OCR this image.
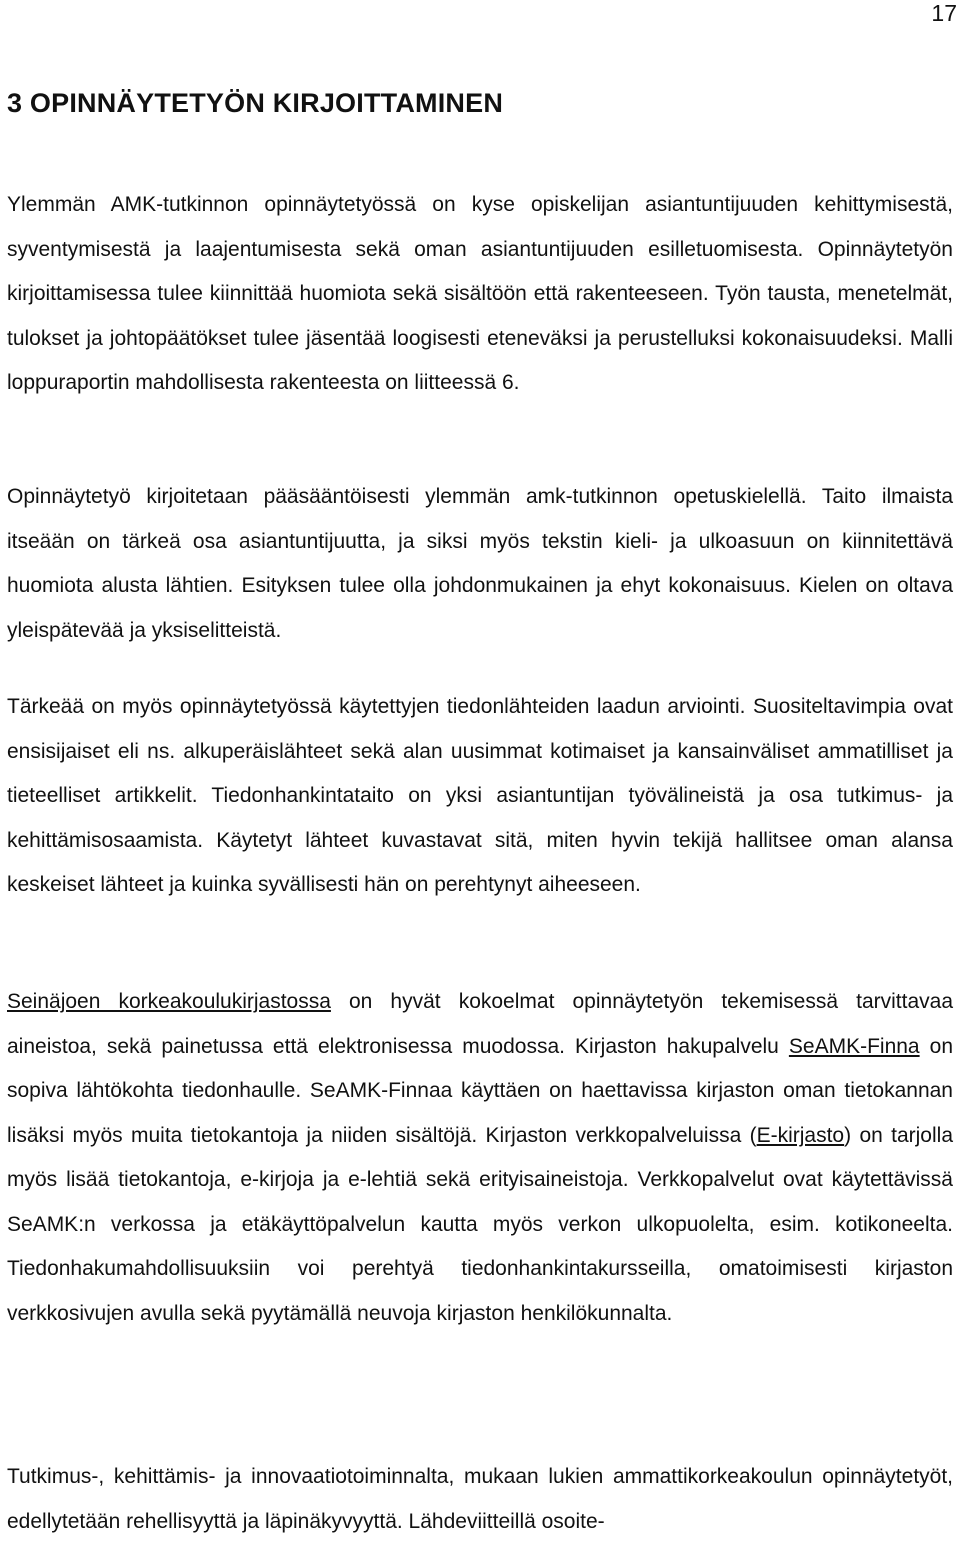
17
3 OPINNÄYTETYÖN KIRJOITTAMINEN

Ylemmän AMK-tutkinnon opinnäytetyössä on kyse opiskelijan asiantuntijuuden kehittymisestä, syventymisestä ja laajentumisesta sekä oman asiantuntijuuden esilletuomisesta. Opinnäytetyön kirjoittamisessa tulee kiinnittää huomiota sekä sisältöön että rakenteeseen. Työn tausta, menetelmät, tulokset ja johtopäätökset tulee jäsentää loogisesti eteneväksi ja perustelluksi kokonaisuudeksi. Malli loppuraportin mahdollisesta rakenteesta on liitteessä 6.

Opinnäytetyö kirjoitetaan pääsääntöisesti ylemmän amk-tutkinnon opetuskielellä. Taito ilmaista itseään on tärkeä osa asiantuntijuutta, ja siksi myös tekstin kieli- ja ulkoasuun on kiinnitettävä huomiota alusta lähtien. Esityksen tulee olla johdonmukainen ja ehyt kokonaisuus. Kielen on oltava yleispätevää ja yksiselitteistä.

Tärkeää on myös opinnäytetyössä käytettyjen tiedonlähteiden laadun arviointi. Suositeltavimpia ovat ensisijaiset eli ns. alkuperäislähteet sekä alan uusimmat kotimaiset ja kansainväliset ammatilliset ja tieteelliset artikkelit. Tiedonhankintataito on yksi asiantuntijan työvälineistä ja osa tutkimus- ja kehittämisosaamista. Käytetyt lähteet kuvastavat sitä, miten hyvin tekijä hallitsee oman alansa keskeiset lähteet ja kuinka syvällisesti hän on perehtynyt aiheeseen.

Seinäjoen korkeakoulukirjastossa on hyvät kokoelmat opinnäytetyön tekemisessä tarvittavaa aineistoa, sekä painetussa että elektronisessa muodossa. Kirjaston hakupalvelu SeAMK-Finna on sopiva lähtökohta tiedonhaulle. SeAMK-Finnaa käyttäen on haettavissa kirjaston oman tietokannan lisäksi myös muita tietokantoja ja niiden sisältöjä. Kirjaston verkkopalveluissa (E-kirjasto) on tarjolla myös lisää tietokantoja, e-kirjoja ja e-lehtiä sekä erityisaineistoja. Verkkopalvelut ovat käytettävissä SeAMK:n verkossa ja etäkäyttöpalvelun kautta myös verkon ulkopuolelta, esim. kotikoneelta. Tiedonhakumahdollisuuksiin voi perehtyä tiedonhankintakursseilla, omatoimisesti kirjaston verkkosivujen avulla sekä pyytämällä neuvoja kirjaston henkilökunnalta.

Tutkimus-, kehittämis- ja innovaatiotoiminnalta, mukaan lukien ammattikorkeakoulun opinnäytetyöt, edellytetään rehellisyyttä ja läpinäkyvyyttä. Lähdeviitteillä osoite-
